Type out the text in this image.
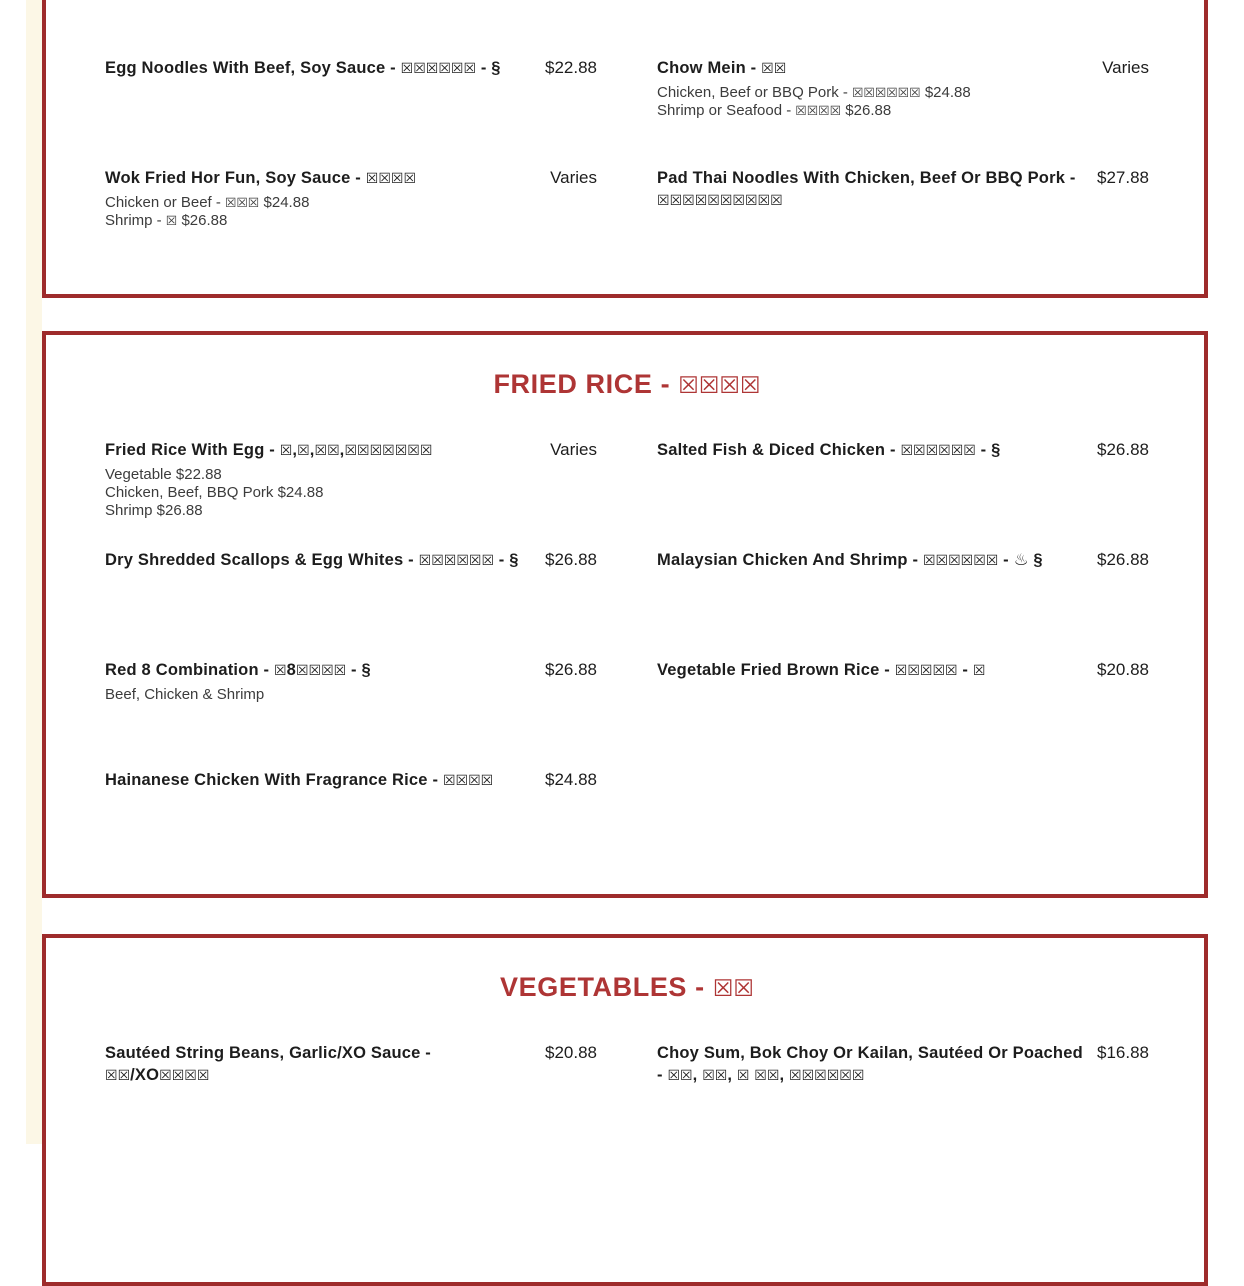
Egg Noodles With Beef, Soy Sauce - ☒☒☒☒☒☒ - §	$22.88	Chow Mein - ☒☒
Chicken, Beef or BBQ Pork - ☒☒☒☒☒☒ $24.88
Shrimp or Seafood - ☒☒☒☒ $26.88
Varies
Wok Fried Hor Fun, Soy Sauce - ☒☒☒☒
Chicken or Beef - ☒☒☒ $24.88
Shrimp - ☒ $26.88
Varies	Pad Thai Noodles With Chicken, Beef Or BBQ Pork - ☒☒☒☒☒☒☒☒☒☒
$27.88
FRIED RICE - ☒☒☒☒
Fried Rice With Egg - ☒,☒,☒☒,☒☒☒☒☒☒☒
Vegetable $22.88
Chicken, Beef, BBQ Pork $24.88
Shrimp $26.88
Varies	Salted Fish & Diced Chicken - ☒☒☒☒☒☒ - §	$26.88
Dry Shredded Scallops & Egg Whites - ☒☒☒☒☒☒ - §	$26.88	Malaysian Chicken And Shrimp - ☒☒☒☒☒☒ - ♨ §	$26.88
Red 8 Combination - ☒8☒☒☒☒ - §
Beef, Chicken & Shrimp
$26.88	Vegetable Fried Brown Rice - ☒☒☒☒☒ - ☒	$20.88
Hainanese Chicken With Fragrance Rice - ☒☒☒☒	$24.88
VEGETABLES - ☒☒
Sautéed String Beans, Garlic/XO Sauce - ☒☒/XO☒☒☒☒
$20.88	Choy Sum, Bok Choy Or Kailan, Sautéed Or Poached - ☒☒, ☒☒, ☒ ☒☒, ☒☒☒☒☒☒
$16.88
